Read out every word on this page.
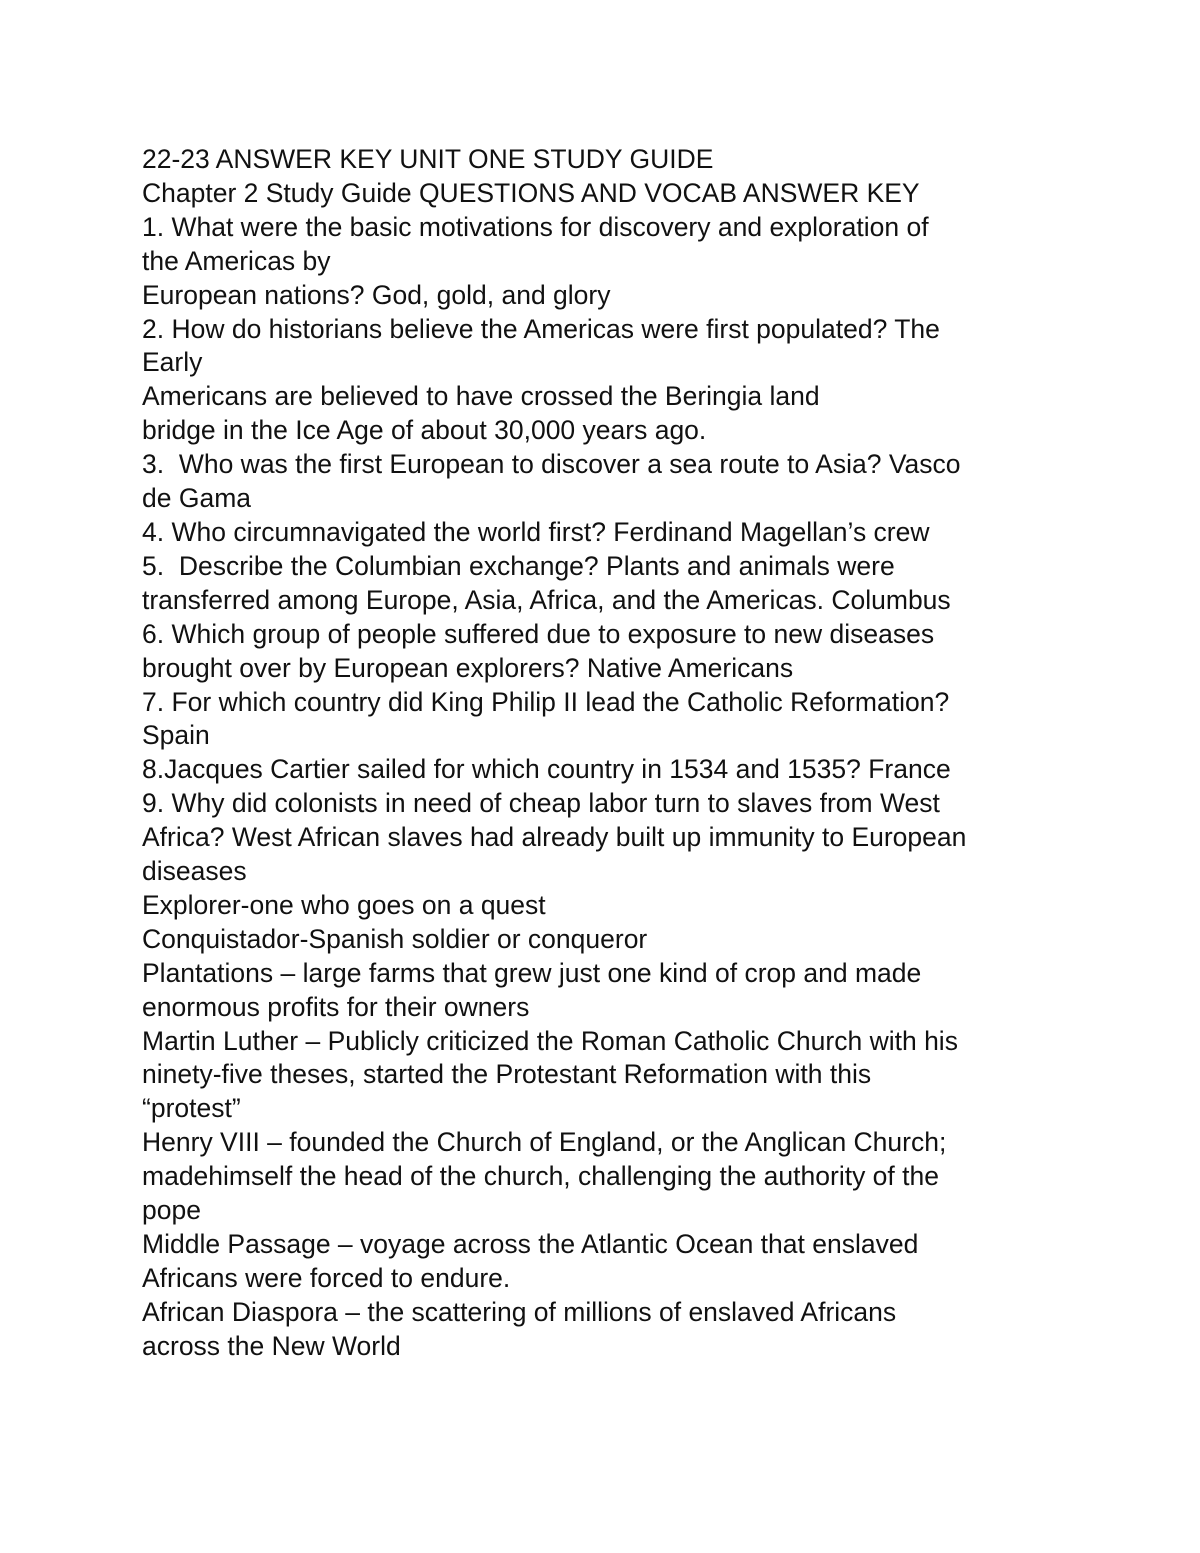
22-23 ANSWER KEY UNIT ONE STUDY GUIDE
Chapter 2 Study Guide QUESTIONS AND VOCAB ANSWER KEY
1. What were the basic motivations for discovery and exploration of
the Americas by
European nations? God, gold, and glory
2. How do historians believe the Americas were first populated? The
Early
Americans are believed to have crossed the Beringia land
bridge in the Ice Age of about 30,000 years ago.
3.  Who was the first European to discover a sea route to Asia? Vasco
de Gama
4. Who circumnavigated the world first? Ferdinand Magellan’s crew
5.  Describe the Columbian exchange? Plants and animals were
transferred among Europe, Asia, Africa, and the Americas. Columbus
6. Which group of people suffered due to exposure to new diseases
brought over by European explorers? Native Americans
7. For which country did King Philip II lead the Catholic Reformation?
Spain
8.Jacques Cartier sailed for which country in 1534 and 1535? France
9. Why did colonists in need of cheap labor turn to slaves from West
Africa? West African slaves had already built up immunity to European
diseases
Explorer-one who goes on a quest
Conquistador-Spanish soldier or conqueror
Plantations – large farms that grew just one kind of crop and made
enormous profits for their owners
Martin Luther – Publicly criticized the Roman Catholic Church with his
ninety-five theses, started the Protestant Reformation with this
“protest”
Henry VIII – founded the Church of England, or the Anglican Church;
madehimself the head of the church, challenging the authority of the
pope
Middle Passage – voyage across the Atlantic Ocean that enslaved
Africans were forced to endure.
African Diaspora – the scattering of millions of enslaved Africans
across the New World
